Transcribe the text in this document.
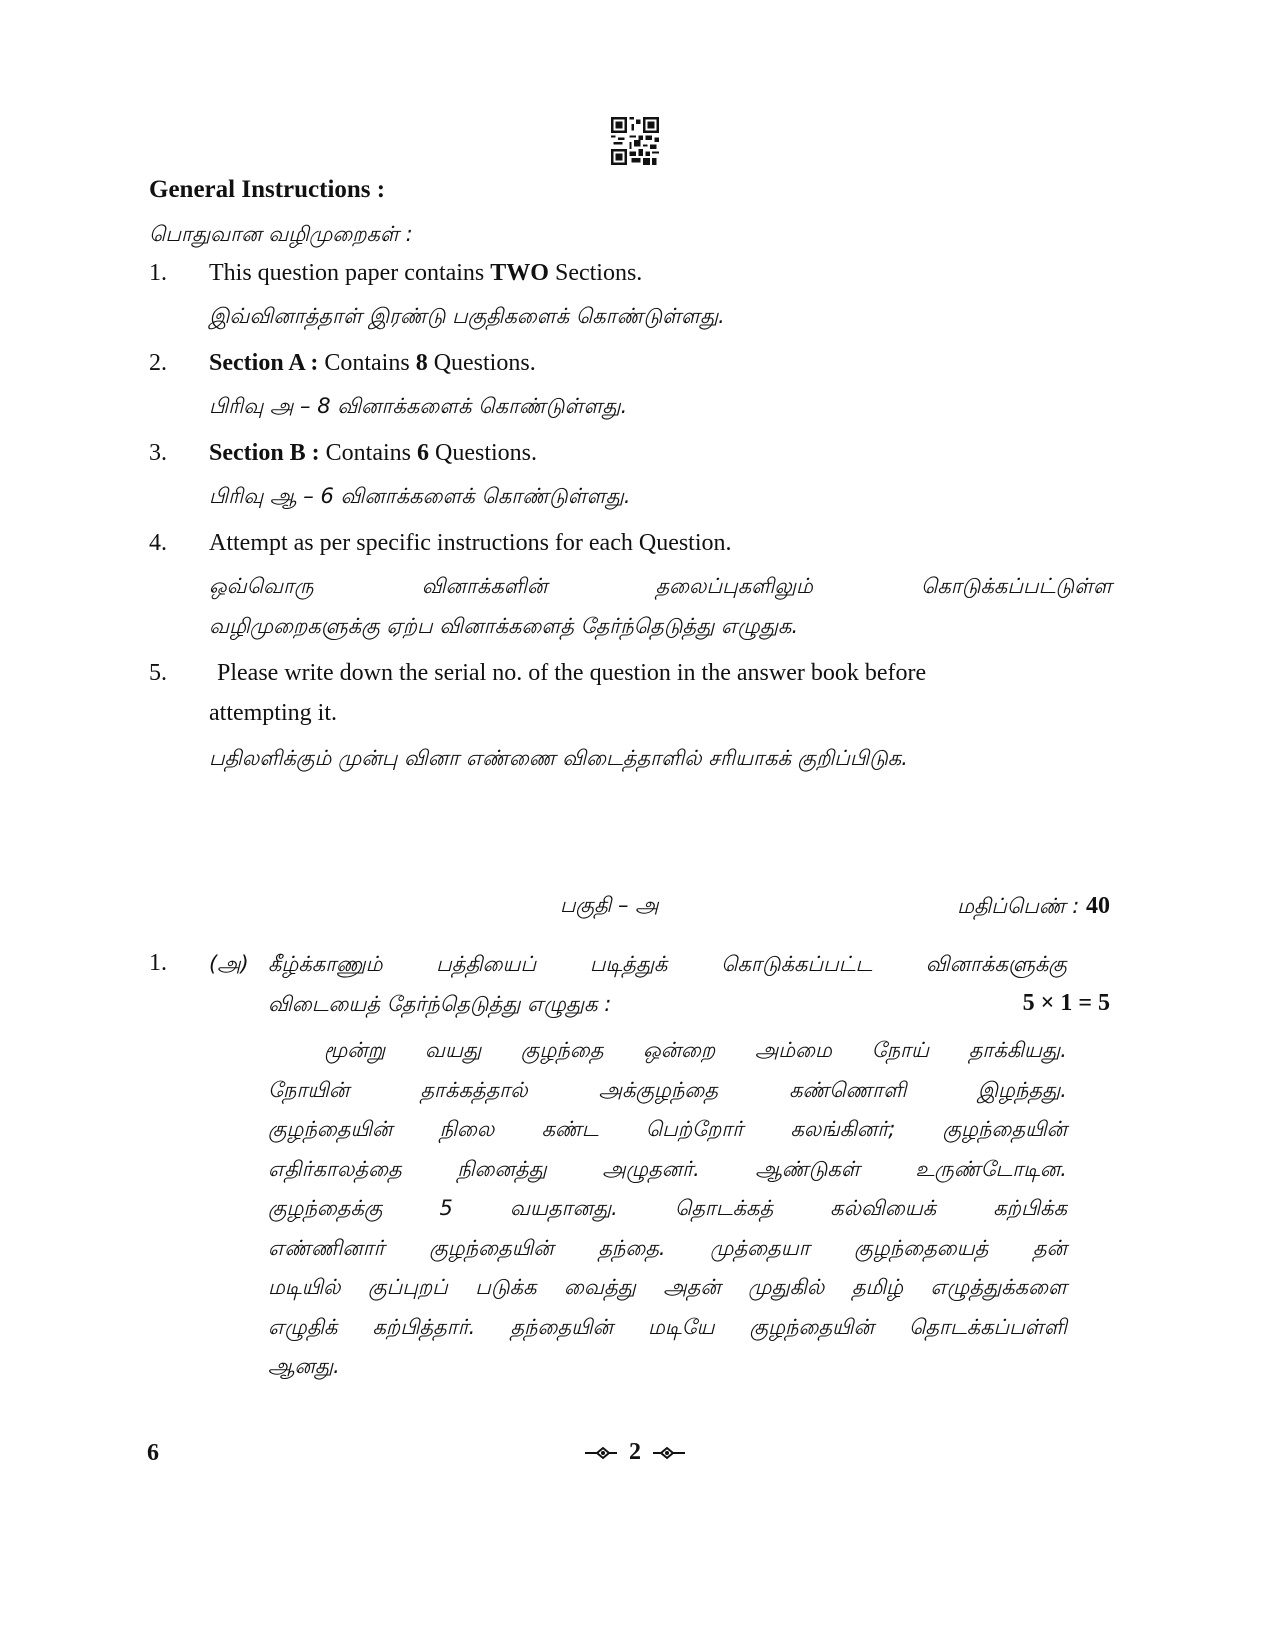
General Instructions :
பொதுவான வழிமுறைகள் :
1. This question paper contains TWO Sections.
இவ்வினாத்தாள் இரண்டு பகுதிகளைக் கொண்டுள்ளது.
2. Section A : Contains 8 Questions.
பிரிவு அ – 8 வினாக்களைக் கொண்டுள்ளது.
3. Section B : Contains 6 Questions.
பிரிவு ஆ – 6 வினாக்களைக் கொண்டுள்ளது.
4. Attempt as per specific instructions for each Question.
ஒவ்வொரு	வினாக்களின்	தலைப்புகளிலும்	கொடுக்கப்பட்டுள்ள
வழிமுறைகளுக்கு ஏற்ப வினாக்களைத் தேர்ந்தெடுத்து எழுதுக.
5. Please write down the serial no. of the question in the answer book before
attempting it.
பதிலளிக்கும் முன்பு வினா எண்ணை விடைத்தாளில் சரியாகக் குறிப்பிடுக.
பகுதி – அ	மதிப்பெண் : 40
1. (அ) கீழ்க்காணும்	பத்தியைப்	படித்துக்	கொடுக்கப்பட்ட	வினாக்களுக்கு
விடையைத் தேர்ந்தெடுத்து எழுதுக :	5 × 1 = 5
மூன்று வயது குழந்தை ஒன்றை அம்மை நோய் தாக்கியது.
நோயின்	தாக்கத்தால்	அக்குழந்தை	கண்ணொளி	இழந்தது.
குழந்தையின் நிலை கண்ட பெற்றோர் கலங்கினர்; குழந்தையின்
எதிர்காலத்தை	நினைத்து	அழுதனர்.	ஆண்டுகள்	உருண்டோடின.
குழந்தைக்கு	5	வயதானது.	தொடக்கத்	கல்வியைக்	கற்பிக்க
எண்ணினார் குழந்தையின் தந்தை. முத்தையா குழந்தையைத் தன்
மடியில் குப்புறப் படுக்க வைத்து அதன் முதுகில் தமிழ் எழுத்துக்களை
எழுதிக் கற்பித்தார். தந்தையின் மடியே குழந்தையின் தொடக்கப்பள்ளி
ஆனது.
6	2
